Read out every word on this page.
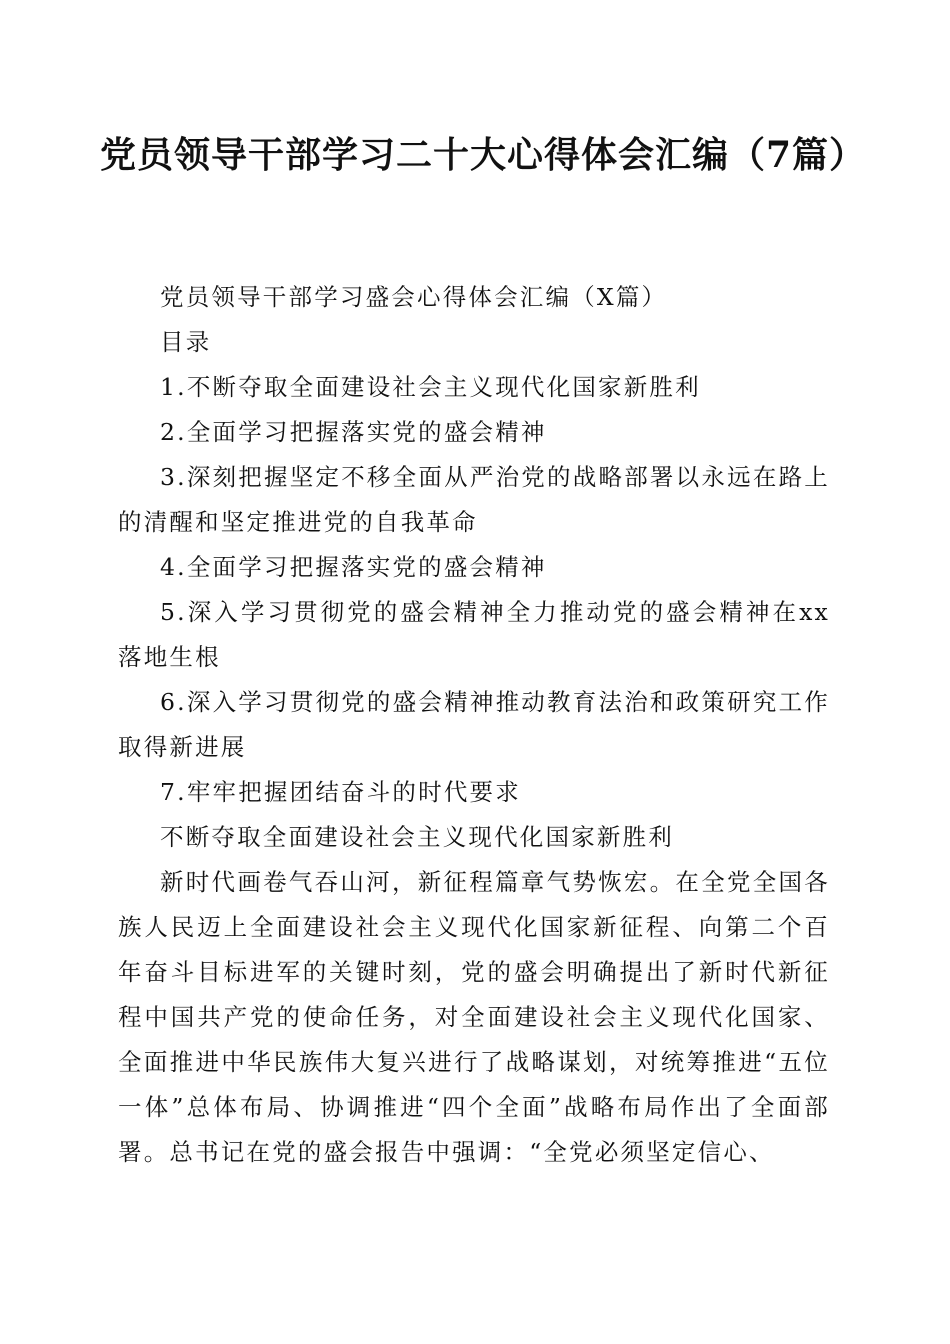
党员领导干部学习二十大心得体会汇编（7篇）

党员领导干部学习盛会心得体会汇编（X篇）

目录

1.不断夺取全面建设社会主义现代化国家新胜利

2.全面学习把握落实党的盛会精神

3.深刻把握坚定不移全面从严治党的战略部署以永远在路上的清醒和坚定推进党的自我革命

4.全面学习把握落实党的盛会精神

5.深入学习贯彻党的盛会精神全力推动党的盛会精神在xx落地生根

6.深入学习贯彻党的盛会精神推动教育法治和政策研究工作取得新进展

7.牢牢把握团结奋斗的时代要求

不断夺取全面建设社会主义现代化国家新胜利

新时代画卷气吞山河，新征程篇章气势恢宏。在全党全国各族人民迈上全面建设社会主义现代化国家新征程、向第二个百年奋斗目标进军的关键时刻，党的盛会明确提出了新时代新征程中国共产党的使命任务，对全面建设社会主义现代化国家、全面推进中华民族伟大复兴进行了战略谋划，对统筹推进“五位一体”总体布局、协调推进“四个全面”战略布局作出了全面部署。总书记在党的盛会报告中强调：“全党必须坚定信心、
